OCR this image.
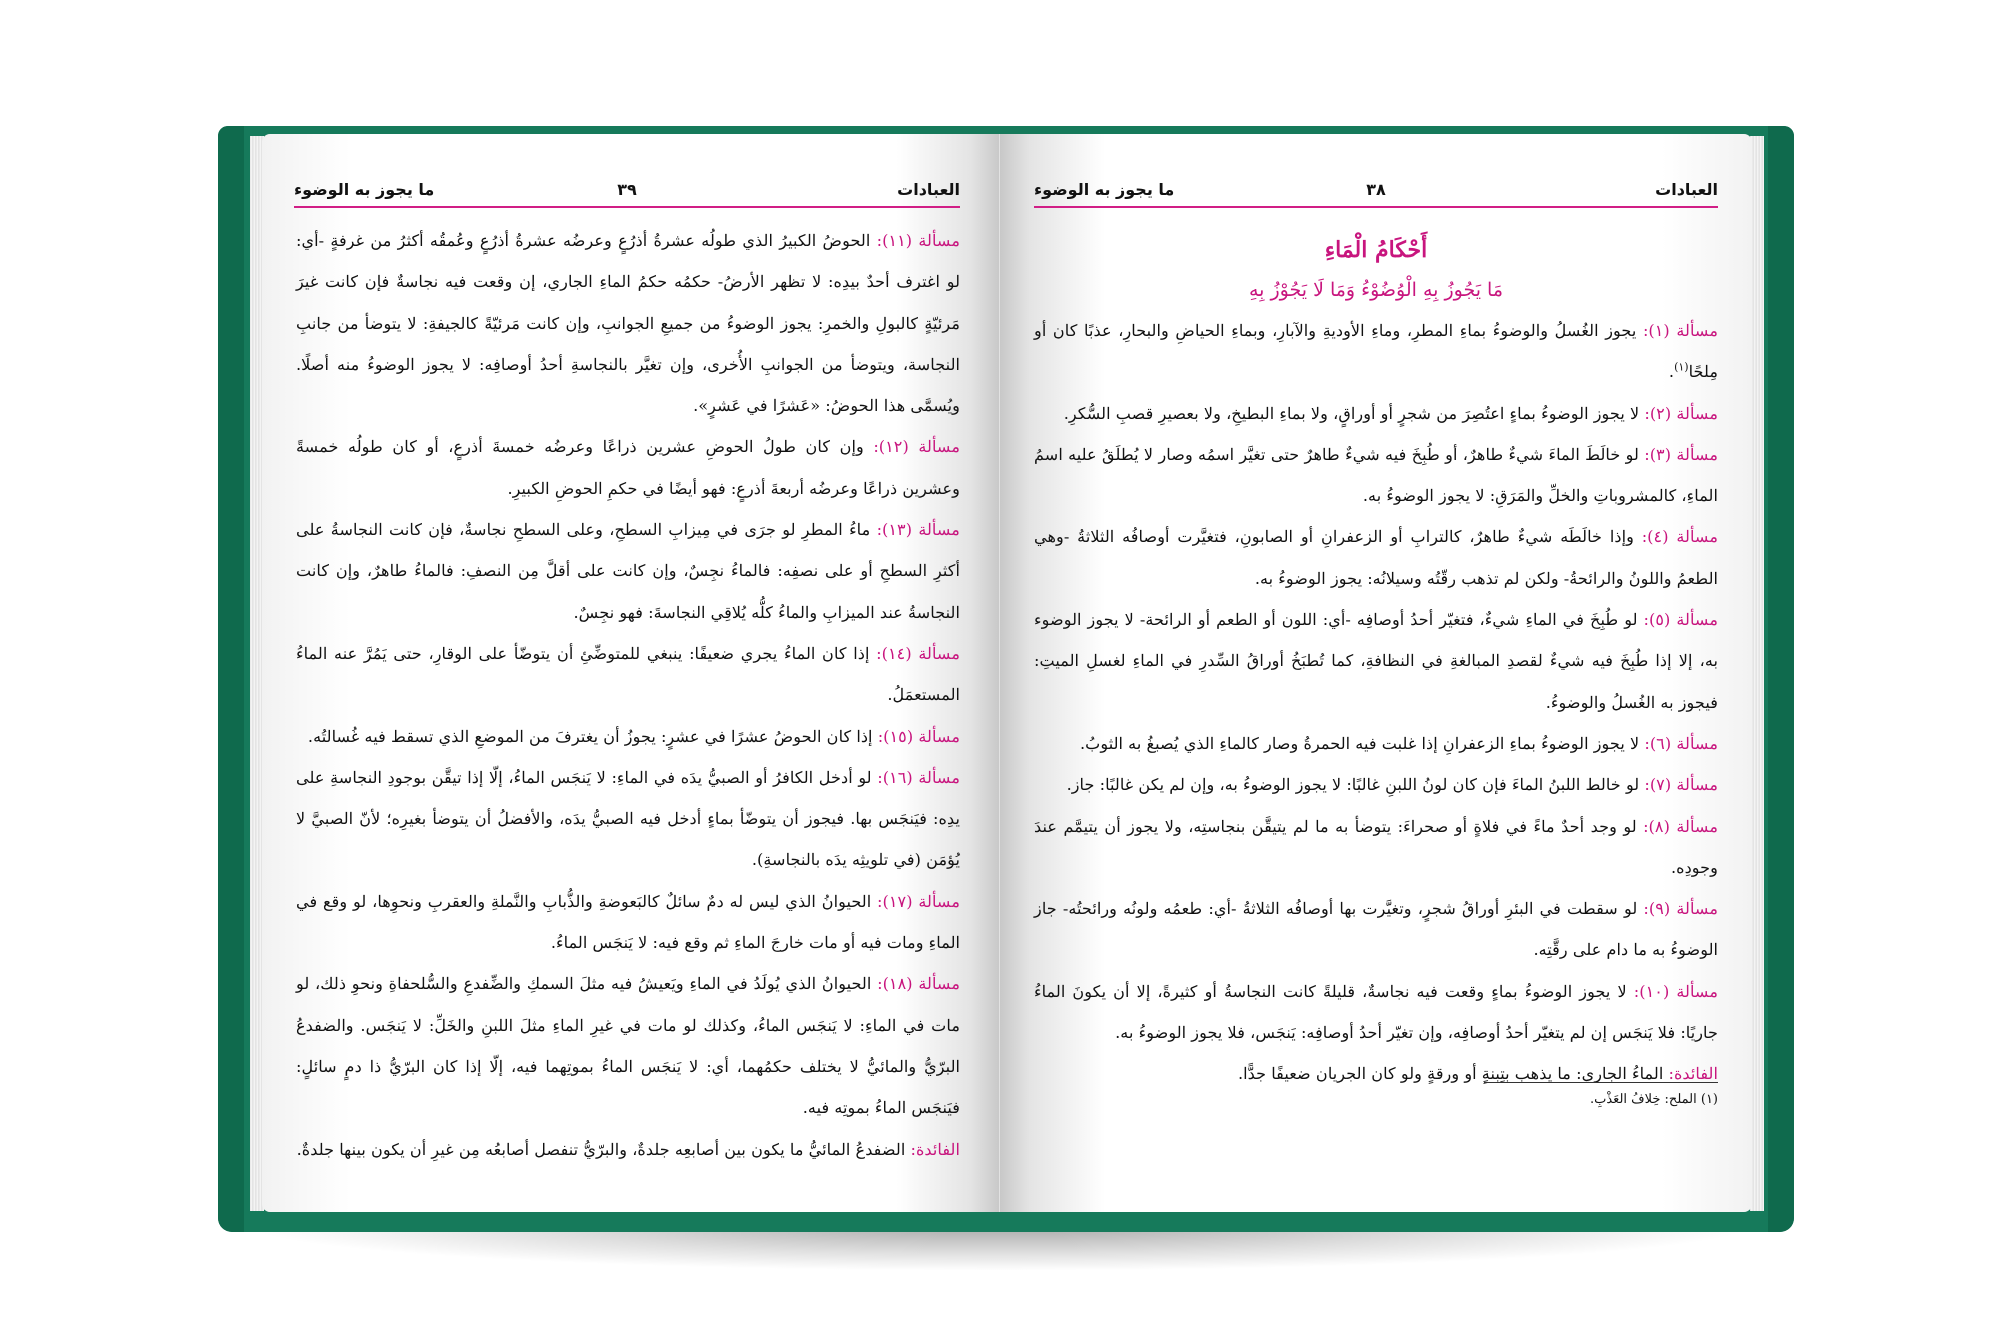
العبادات
٣٩
ما يجوز به الوضوء

مسألة (١١): الحوضُ الكبيرُ الذي طولُه عشرةُ أذرُعٍ وعرضُه عشرةُ أذرُعٍ وعُمقُه أكثرُ من غرفةٍ -أي: لو اغترف أحدٌ بيدِه: لا تظهر الأرضُ- حكمُه حكمُ الماءِ الجاري، إن وقعت فيه نجاسةٌ فإن كانت غيرَ مَرئيّةٍ كالبولِ والخمرِ: يجوز الوضوءُ من جميعِ الجوانبِ، وإن كانت مَرئيّةً كالجيفةِ: لا يتوضأ من جانبِ النجاسة، ويتوضأ من الجوانبِ الأُخرى، وإن تغيَّر بالنجاسةِ أحدُ أوصافِه: لا يجوز الوضوءُ منه أصلًا. ويُسمَّى هذا الحوضُ: «عَشرًا في عَشرٍ».

مسألة (١٢): وإن كان طولُ الحوضِ عشرين ذراعًا وعرضُه خمسةَ أذرعٍ، أو كان طولُه خمسةً وعشرين ذراعًا وعرضُه أربعةَ أذرعٍ: فهو أيضًا في حكمِ الحوضِ الكبيرِ.

مسألة (١٣): ماءُ المطرِ لو جرَى في مِيزابِ السطحِ، وعلى السطحِ نجاسةٌ، فإن كانت النجاسةُ على أكثرِ السطحِ أو على نصفِه: فالماءُ نجِسٌ، وإن كانت على أقلَّ مِن النصفِ: فالماءُ طاهرٌ، وإن كانت النجاسةُ عند الميزابِ والماءُ كلُّه يُلاقِي النجاسةَ: فهو نجِسٌ.

مسألة (١٤): إذا كان الماءُ يجري ضعيفًا: ينبغي للمتوضِّئِ أن يتوضّأ على الوقارِ، حتى يَمُرَّ عنه الماءُ المستعمَلُ.

مسألة (١٥): إذا كان الحوضُ عشرًا في عشرٍ: يجوزُ أن يغترفَ من الموضعِ الذي تسقط فيه غُسالتُه.

مسألة (١٦): لو أدخل الكافرُ أو الصبيُّ يدَه في الماءِ: لا يَنجَس الماءُ، إلّا إذا تيقَّن بوجودِ النجاسةِ على يدِه: فيَنجَس بها. فيجوز أن يتوضّأ بماءٍ أدخل فيه الصبيُّ يدَه، والأفضلُ أن يتوضأ بغيرِه؛ لأنّ الصبيَّ لا يُؤمَن (في تلويثِه يدَه بالنجاسةِ).

مسألة (١٧): الحيوانُ الذي ليس له دمٌ سائلٌ كالبَعوضةِ والذُّبابِ والنَّملةِ والعقربِ ونحوِها، لو وقع في الماءِ ومات فيه أو مات خارجَ الماءِ ثم وقع فيه: لا يَنجَس الماءُ.

مسألة (١٨): الحيوانُ الذي يُولَدُ في الماءِ ويَعيشُ فيه مثلَ السمكِ والضِّفدعِ والسُّلحفاةِ ونحوِ ذلك، لو مات في الماءِ: لا يَنجَس الماءُ، وكذلك لو مات في غيرِ الماءِ مثلَ اللبنِ والخَلِّ: لا يَنجَس. والضفدعُ البرّيُّ والمائيُّ لا يختلف حكمُهما، أي: لا يَنجَس الماءُ بموتِهما فيه، إلّا إذا كان البرّيُّ ذا دمٍ سائلٍ: فيَنجَس الماءُ بموتِه فيه.

الفائدة: الضفدعُ المائيُّ ما يكون بين أصابعِه جلدةٌ، والبرّيُّ تنفصل أصابعُه مِن غيرِ أن يكون بينها جلدةٌ.

العبادات
٣٨
ما يجوز به الوضوء
أَحْكَامُ الْمَاءِ
مَا يَجُوزُ بِهِ الْوُضُوْءُ وَمَا لَا يَجُوْزُ بِهِ

مسألة (١): يجوز الغُسلُ والوضوءُ بماءِ المطرِ، وماءِ الأوديةِ والآبارِ، وبماءِ الحياضِ والبحارِ، عذبًا كان أو مِلحًا$^{(١)}$.

مسألة (٢): لا يجوز الوضوءُ بماءٍ اعتُصِرَ من شجرٍ أو أوراقٍ، ولا بماءِ البطيخِ، ولا بعصيرِ قصبِ السُّكرِ.

مسألة (٣): لو خالَطَ الماءَ شيءٌ طاهرٌ، أو طُبِخَ فيه شيءٌ طاهرٌ حتى تغيَّر اسمُه وصار لا يُطلَقُ عليه اسمُ الماءِ، كالمشروباتِ والخلِّ والمَرَقِ: لا يجوز الوضوءُ به.

مسألة (٤): وإذا خالَطَه شيءٌ طاهرٌ، كالترابِ أو الزعفرانِ أو الصابونِ، فتغيَّرت أوصافُه الثلاثةُ -وهي الطعمُ واللونُ والرائحةُ- ولكن لم تذهب رقّتُه وسيلانُه: يجوز الوضوءُ به.

مسألة (٥): لو طُبِخَ في الماءِ شيءٌ، فتغيّر أحدُ أوصافِه -أي: اللون أو الطعم أو الرائحة- لا يجوز الوضوء به، إلا إذا طُبِخَ فيه شيءٌ لقصدِ المبالغةِ في النظافةِ، كما تُطبَخُ أوراقُ السِّدرِ في الماءِ لغسلِ الميتِ: فيجوز به الغُسلُ والوضوءُ.

مسألة (٦): لا يجوز الوضوءُ بماءِ الزعفرانِ إذا غلبت فيه الحمرةُ وصار كالماءِ الذي يُصبغُ به الثوبُ.

مسألة (٧): لو خالط اللبنُ الماءَ فإن كان لونُ اللبنِ غالبًا: لا يجوز الوضوءُ به، وإن لم يكن غالبًا: جاز.

مسألة (٨): لو وجد أحدٌ ماءً في فلاةٍ أو صحراءَ: يتوضأ به ما لم يتيقَّن بنجاستِه، ولا يجوز أن يتيمَّم عندَ وجودِه.

مسألة (٩): لو سقطت في البئرِ أوراقُ شجرٍ، وتغيَّرت بها أوصافُه الثلاثةُ -أي: طعمُه ولونُه ورائحتُه- جاز الوضوءُ به ما دام على رقَّتِه.

مسألة (١٠): لا يجوز الوضوءُ بماءٍ وقعت فيه نجاسةٌ، قليلةً كانت النجاسةُ أو كثيرةً، إلا أن يكونَ الماءُ جاريًا: فلا يَنجَس إن لم يتغيّر أحدُ أوصافِه، وإن تغيّر أحدُ أوصافِه: يَنجَس، فلا يجوز الوضوءُ به.

الفائدة: الماءُ الجاري: ما يذهب بتِبنةٍ أو ورقةٍ ولو كان الجريان ضعيفًا جدًّا.

(١) الملح: خِلافُ العَذْبِ.
